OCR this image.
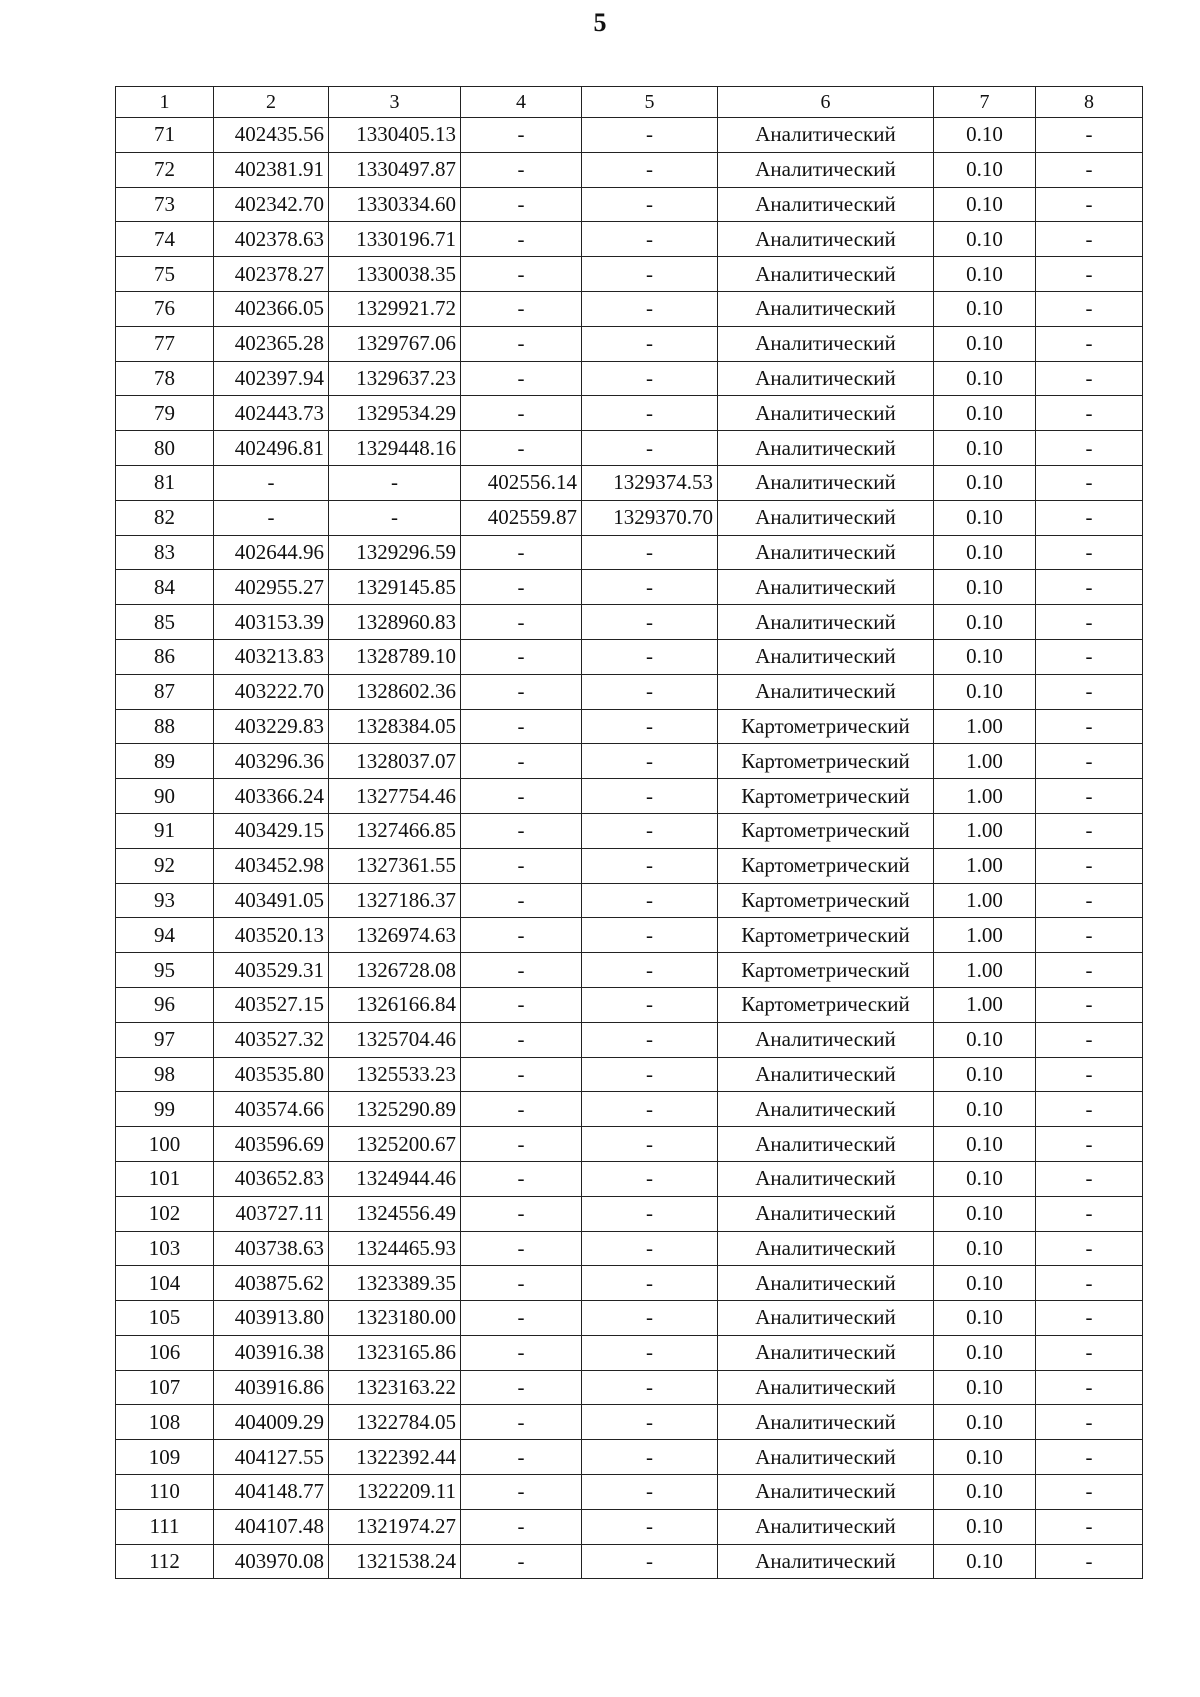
5
1	2	3	4	5	6	7	8
71	402435.56	1330405.13	-	-	Аналитический	0.10	-
72	402381.91	1330497.87	-	-	Аналитический	0.10	-
73	402342.70	1330334.60	-	-	Аналитический	0.10	-
74	402378.63	1330196.71	-	-	Аналитический	0.10	-
75	402378.27	1330038.35	-	-	Аналитический	0.10	-
76	402366.05	1329921.72	-	-	Аналитический	0.10	-
77	402365.28	1329767.06	-	-	Аналитический	0.10	-
78	402397.94	1329637.23	-	-	Аналитический	0.10	-
79	402443.73	1329534.29	-	-	Аналитический	0.10	-
80	402496.81	1329448.16	-	-	Аналитический	0.10	-
81	-	-	402556.14	1329374.53	Аналитический	0.10	-
82	-	-	402559.87	1329370.70	Аналитический	0.10	-
83	402644.96	1329296.59	-	-	Аналитический	0.10	-
84	402955.27	1329145.85	-	-	Аналитический	0.10	-
85	403153.39	1328960.83	-	-	Аналитический	0.10	-
86	403213.83	1328789.10	-	-	Аналитический	0.10	-
87	403222.70	1328602.36	-	-	Аналитический	0.10	-
88	403229.83	1328384.05	-	-	Картометрический	1.00	-
89	403296.36	1328037.07	-	-	Картометрический	1.00	-
90	403366.24	1327754.46	-	-	Картометрический	1.00	-
91	403429.15	1327466.85	-	-	Картометрический	1.00	-
92	403452.98	1327361.55	-	-	Картометрический	1.00	-
93	403491.05	1327186.37	-	-	Картометрический	1.00	-
94	403520.13	1326974.63	-	-	Картометрический	1.00	-
95	403529.31	1326728.08	-	-	Картометрический	1.00	-
96	403527.15	1326166.84	-	-	Картометрический	1.00	-
97	403527.32	1325704.46	-	-	Аналитический	0.10	-
98	403535.80	1325533.23	-	-	Аналитический	0.10	-
99	403574.66	1325290.89	-	-	Аналитический	0.10	-
100	403596.69	1325200.67	-	-	Аналитический	0.10	-
101	403652.83	1324944.46	-	-	Аналитический	0.10	-
102	403727.11	1324556.49	-	-	Аналитический	0.10	-
103	403738.63	1324465.93	-	-	Аналитический	0.10	-
104	403875.62	1323389.35	-	-	Аналитический	0.10	-
105	403913.80	1323180.00	-	-	Аналитический	0.10	-
106	403916.38	1323165.86	-	-	Аналитический	0.10	-
107	403916.86	1323163.22	-	-	Аналитический	0.10	-
108	404009.29	1322784.05	-	-	Аналитический	0.10	-
109	404127.55	1322392.44	-	-	Аналитический	0.10	-
110	404148.77	1322209.11	-	-	Аналитический	0.10	-
111	404107.48	1321974.27	-	-	Аналитический	0.10	-
112	403970.08	1321538.24	-	-	Аналитический	0.10	-
